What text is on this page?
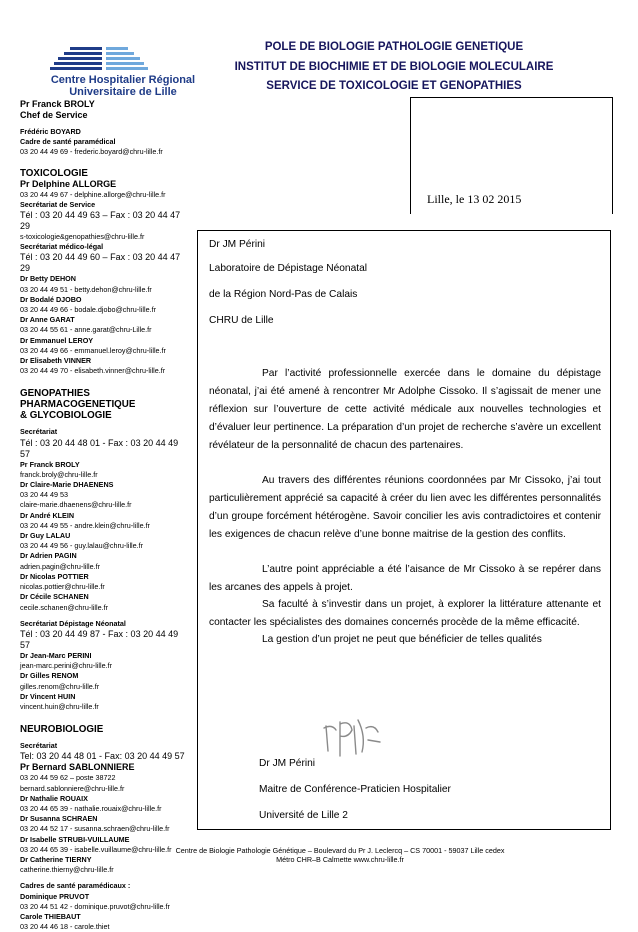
Centre Hospitalier Régional
Universitaire de Lille
POLE DE BIOLOGIE PATHOLOGIE GENETIQUE
INSTITUT DE BIOCHIMIE ET DE BIOLOGIE MOLECULAIRE
SERVICE DE TOXICOLOGIE ET GENOPATHIES
Pr Franck BROLY
Chef de Service
Frédéric BOYARD
Cadre de santé paramédical
03 20 44 49 69 - frederic.boyard@chru-lille.fr
TOXICOLOGIE
Pr Delphine ALLORGE
03 20 44 49 67 - delphine.allorge@chru-lille.fr
Secrétariat de Service
Tél : 03 20 44 49 63 – Fax : 03 20 44 47 29
s-toxicologie&genopathies@chru-lille.fr
Secrétariat médico-légal
Tél : 03 20 44 49 60 – Fax : 03 20 44 47 29
Dr Betty DEHON
03 20 44 49 51 - betty.dehon@chru-lille.fr
Dr Bodalé DJOBO
03 20 44 49 66 - bodale.djobo@chru-lille.fr
Dr Anne GARAT
03 20 44 55 61 - anne.garat@chru-Lille.fr
Dr Emmanuel LEROY
03 20 44 49 66 - emmanuel.leroy@chru-lille.fr
Dr Elisabeth VINNER
03 20 44 49 70 - elisabeth.vinner@chru-lille.fr
GENOPATHIES
PHARMACOGENETIQUE
& GLYCOBIOLOGIE
Secrétariat
Tél : 03 20 44 48 01 - Fax : 03 20 44 49 57
Pr Franck BROLY
franck.broly@chru-lille.fr
Dr Claire-Marie DHAENENS
03 20 44 49 53
claire-marie.dhaenens@chru-lille.fr
Dr André KLEIN
03 20 44 49 55 - andre.klein@chru-lille.fr
Dr Guy LALAU
03 20 44 49 56 - guy.lalau@chru-lille.fr
Dr Adrien PAGIN
adrien.pagin@chru-lille.fr
Dr Nicolas POTTIER
nicolas.pottier@chru-lille.fr
Dr Cécile SCHANEN
cecile.schanen@chru-lille.fr
Secrétariat Dépistage Néonatal
Tél : 03 20 44 49 87 - Fax : 03 20 44 49 57
Dr Jean-Marc PERINI
jean-marc.perini@chru-lille.fr
Dr Gilles RENOM
gilles.renom@chru-lille.fr
Dr Vincent HUIN
vincent.huin@chru-lille.fr
NEUROBIOLOGIE
Secrétariat
Tel: 03 20 44 48 01 - Fax: 03 20 44 49 57
Pr Bernard SABLONNIERE
03 20 44 59 62 – poste 38722
bernard.sablonniere@chru-lille.fr
Dr Nathalie ROUAIX
03 20 44 65 39 - nathalie.rouaix@chru-lille.fr
Dr Susanna SCHRAEN
03 20 44 52 17 - susanna.schraen@chru-lille.fr
Dr Isabelle STRUBI-VUILLAUME
03 20 44 65 39 - isabelle.vuillaume@chru-lille.fr
Dr Catherine TIERNY
catherine.thierny@chru-lille.fr
Cadres de santé paramédicaux :
Dominique PRUVOT
03 20 44 51 42 - dominique.pruvot@chru-lille.fr
Carole THIEBAUT
03 20 44 46 18 - carole.thiet
Lille, le 13 02 2015

Dr JM Périni

Laboratoire de Dépistage Néonatal

de la Région Nord-Pas de Calais

CHRU de Lille

Par l’activité professionnelle exercée dans le domaine du dépistage néonatal, j’ai été amené à rencontrer Mr Adolphe Cissoko. Il s’agissait de mener une réflexion sur l’ouverture de cette activité médicale aux nouvelles technologies et d’évaluer leur pertinence. La préparation d’un projet de recherche s’avère un excellent révélateur de la personnalité de chacun des partenaires.

Au travers des différentes réunions coordonnées par Mr Cissoko, j’ai tout particulièrement apprécié sa capacité à créer du lien avec les différentes personnalités d’un groupe forcément hétérogène. Savoir concilier les avis contradictoires et contenir les exigences de chacun relève d’une bonne maitrise de la gestion des conflits.

L’autre point appréciable a été l’aisance de Mr Cissoko à se repérer dans les arcanes des appels à projet.

Sa faculté à s’investir dans un projet, à explorer la littérature attenante et contacter les spécialistes des domaines concernés procède de la même efficacité.

La gestion d’un projet ne peut que bénéficier de telles qualités

Dr JM Périni

Maitre de Conférence-Praticien Hospitalier

Université de Lille 2

Centre de Biologie Pathologie Génétique – Boulevard du Pr J. Leclercq – CS 70001 - 59037 Lille cedex
Métro CHR–B Calmette www.chru-lille.fr
